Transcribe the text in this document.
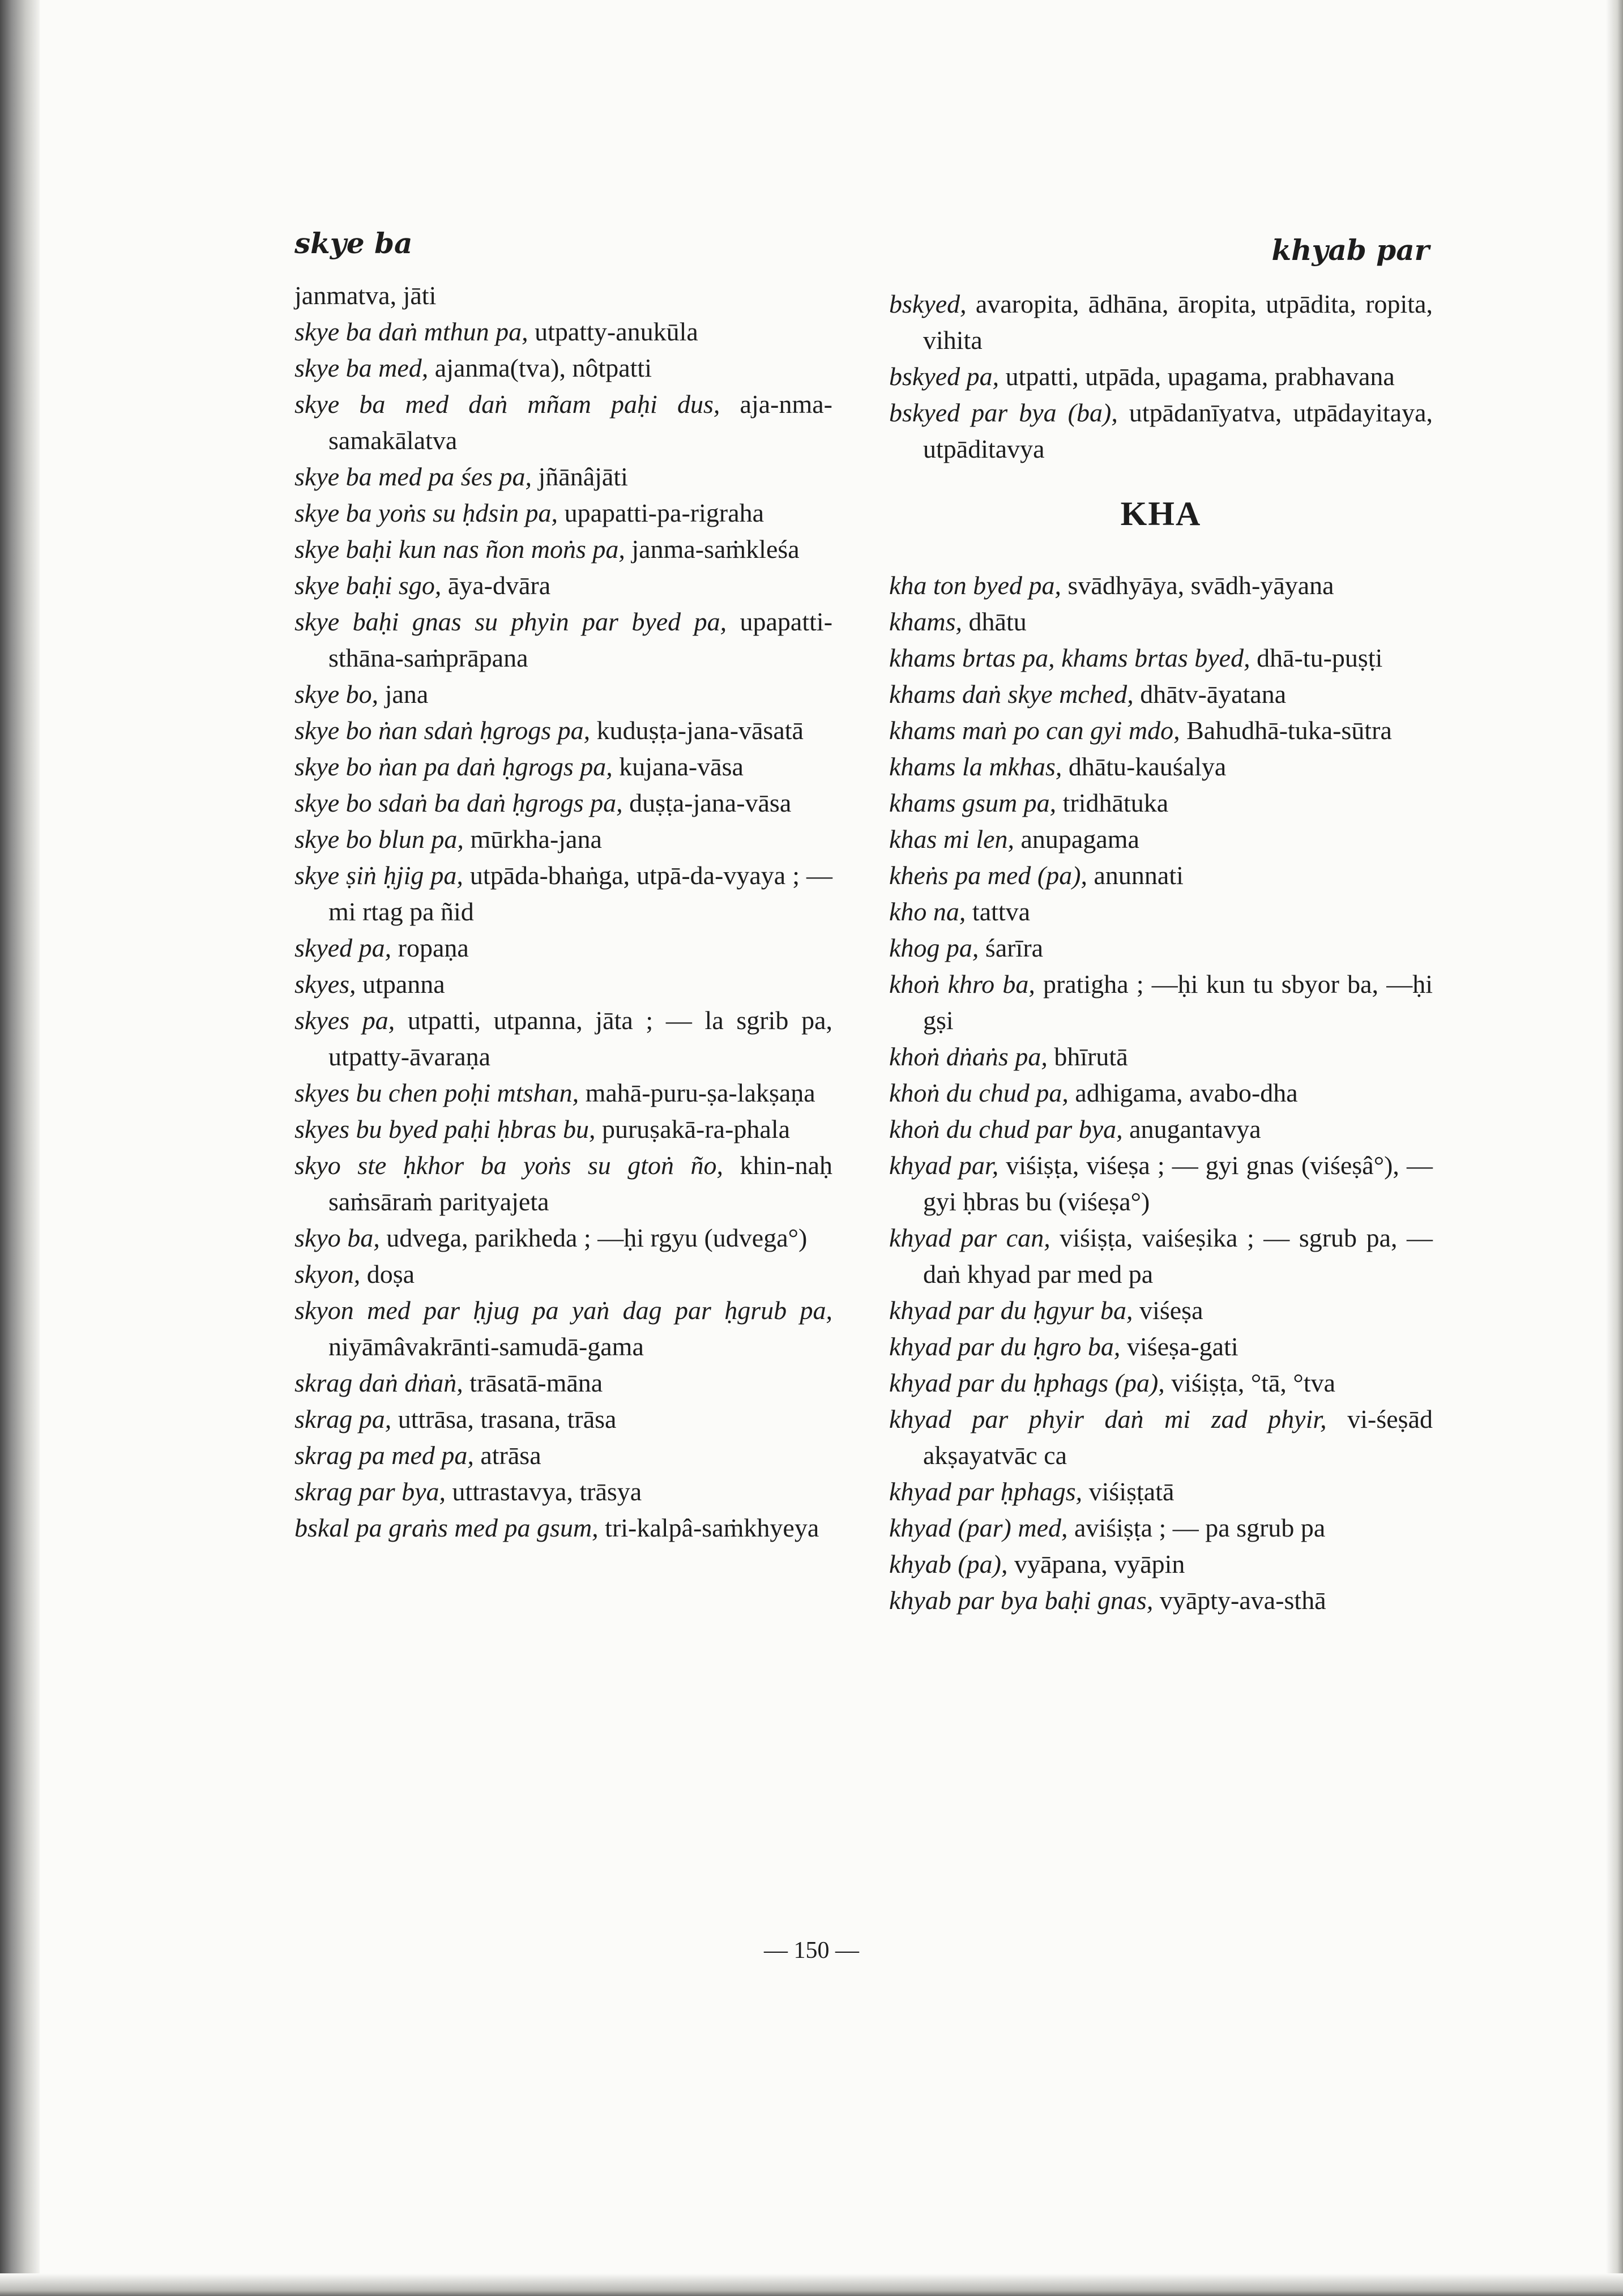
skye ba	khyab par

janmatva, jāti

skye ba daṅ mthun pa, utpatty-anukūla

skye ba med, ajanma(tva), nôtpatti

skye ba med daṅ mñam paḥi dus, aja-nma-samakālatva

skye ba med pa śes pa, jñānâjāti

skye ba yoṅs su ḥdsin pa, upapatti-pa-rigraha

skye baḥi kun nas ñon moṅs pa, janma-saṁkleśa

skye baḥi sgo, āya-dvāra

skye baḥi gnas su phyin par byed pa, upapatti-sthāna-saṁprāpana

skye bo, jana

skye bo ṅan sdaṅ ḥgrogs pa, kuduṣṭa-jana-vāsatā

skye bo ṅan pa daṅ ḥgrogs pa, kujana-vāsa

skye bo sdaṅ ba daṅ ḥgrogs pa, duṣṭa-jana-vāsa

skye bo blun pa, mūrkha-jana

skye ṣiṅ ḥjig pa, utpāda-bhaṅga, utpā-da-vyaya ; — mi rtag pa ñid

skyed pa, ropaṇa

skyes, utpanna

skyes pa, utpatti, utpanna, jāta ; — la sgrib pa, utpatty-āvaraṇa

skyes bu chen poḥi mtshan, mahā-puru-ṣa-lakṣaṇa

skyes bu byed paḥi ḥbras bu, puruṣakā-ra-phala

skyo ste ḥkhor ba yoṅs su gtoṅ ño, khin-naḥ saṁsāraṁ parityajeta

skyo ba, udvega, parikheda ; —ḥi rgyu (udvega°)

skyon, doṣa

skyon med par ḥjug pa yaṅ dag par ḥgrub pa, niyāmâvakrānti-samudā-gama

skrag daṅ dṅaṅ, trāsatā-māna

skrag pa, uttrāsa, trasana, trāsa

skrag pa med pa, atrāsa

skrag par bya, uttrastavya, trāsya

bskal pa graṅs med pa gsum, tri-kalpâ-saṁkhyeya

bskyed, avaropita, ādhāna, āropita, utpādita, ropita, vihita

bskyed pa, utpatti, utpāda, upagama, prabhavana

bskyed par bya (ba), utpādanīyatva, utpādayitaya, utpāditavya

KHA

kha ton byed pa, svādhyāya, svādh-yāyana

khams, dhātu

khams brtas pa, khams brtas byed, dhā-tu-puṣṭi

khams daṅ skye mched, dhātv-āyatana

khams maṅ po can gyi mdo, Bahudhā-tuka-sūtra

khams la mkhas, dhātu-kauśalya

khams gsum pa, tridhātuka

khas mi len, anupagama

kheṅs pa med (pa), anunnati

kho na, tattva

khog pa, śarīra

khoṅ khro ba, pratigha ; —ḥi kun tu sbyor ba, —ḥi gṣi

khoṅ dṅaṅs pa, bhīrutā

khoṅ du chud pa, adhigama, avabo-dha

khoṅ du chud par bya, anugantavya

khyad par, viśiṣṭa, viśeṣa ; — gyi gnas (viśeṣâ°), — gyi ḥbras bu (viśeṣa°)

khyad par can, viśiṣṭa, vaiśeṣika ; — sgrub pa, — daṅ khyad par med pa

khyad par du ḥgyur ba, viśeṣa

khyad par du ḥgro ba, viśeṣa-gati

khyad par du ḥphags (pa), viśiṣṭa, °tā, °tva

khyad par phyir daṅ mi zad phyir, vi-śeṣād akṣayatvāc ca

khyad par ḥphags, viśiṣṭatā

khyad (par) med, aviśiṣṭa ; — pa sgrub pa

khyab (pa), vyāpana, vyāpin

khyab par bya baḥi gnas, vyāpty-ava-sthā

— 150 —
